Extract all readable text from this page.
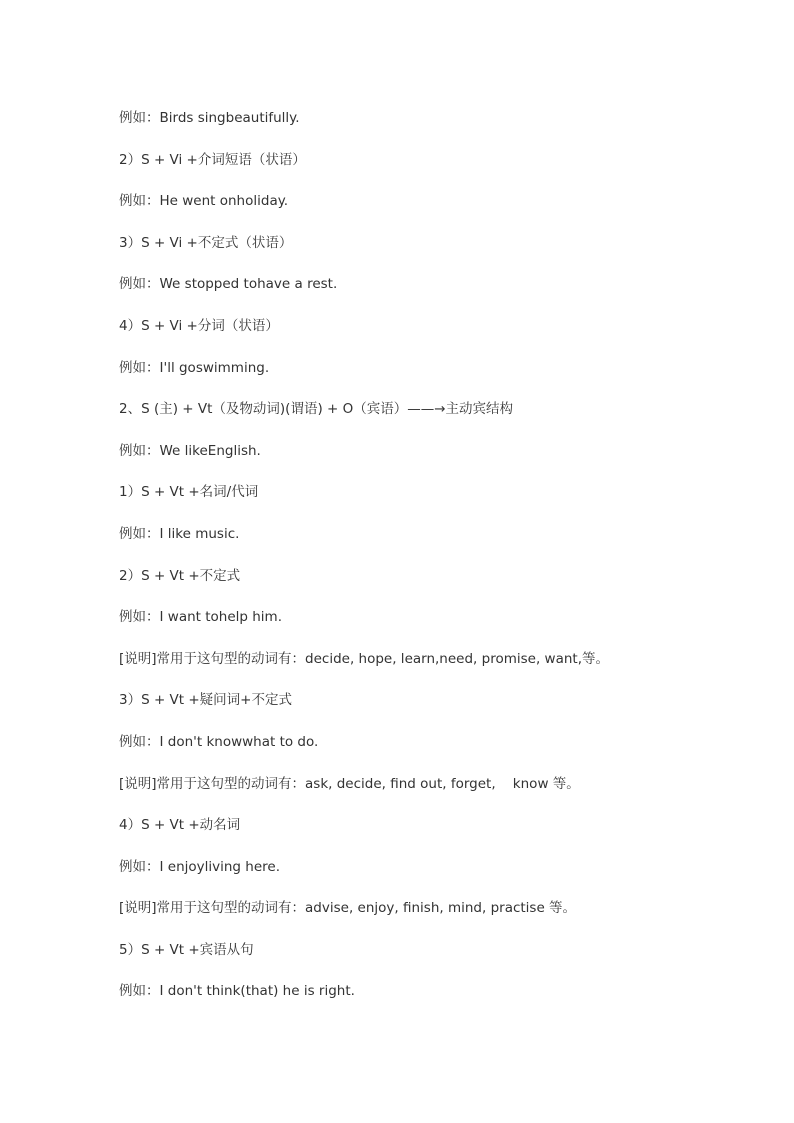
例如：Birds singbeautifully.
2）S + Vi +介词短语（状语）
例如：He went onholiday.
3）S + Vi +不定式（状语）
例如：We stopped tohave a rest.
4）S + Vi +分词（状语）
例如：I'll goswimming.
2、S (主) + Vt（及物动词)(谓语) + O（宾语）——→主动宾结构
例如：We likeEnglish.
1）S + Vt +名词/代词
例如：I like music.
2）S + Vt +不定式
例如：I want tohelp him.
[说明]常用于这句型的动词有：decide, hope, learn,need, promise, want,等。
3）S + Vt +疑问词+不定式
例如：I don't knowwhat to do.
[说明]常用于这句型的动词有：ask, decide, find out, forget,    know 等。
4）S + Vt +动名词
例如：I enjoyliving here.
[说明]常用于这句型的动词有：advise, enjoy, finish, mind, practise 等。
5）S + Vt +宾语从句
例如：I don't think(that) he is right.
